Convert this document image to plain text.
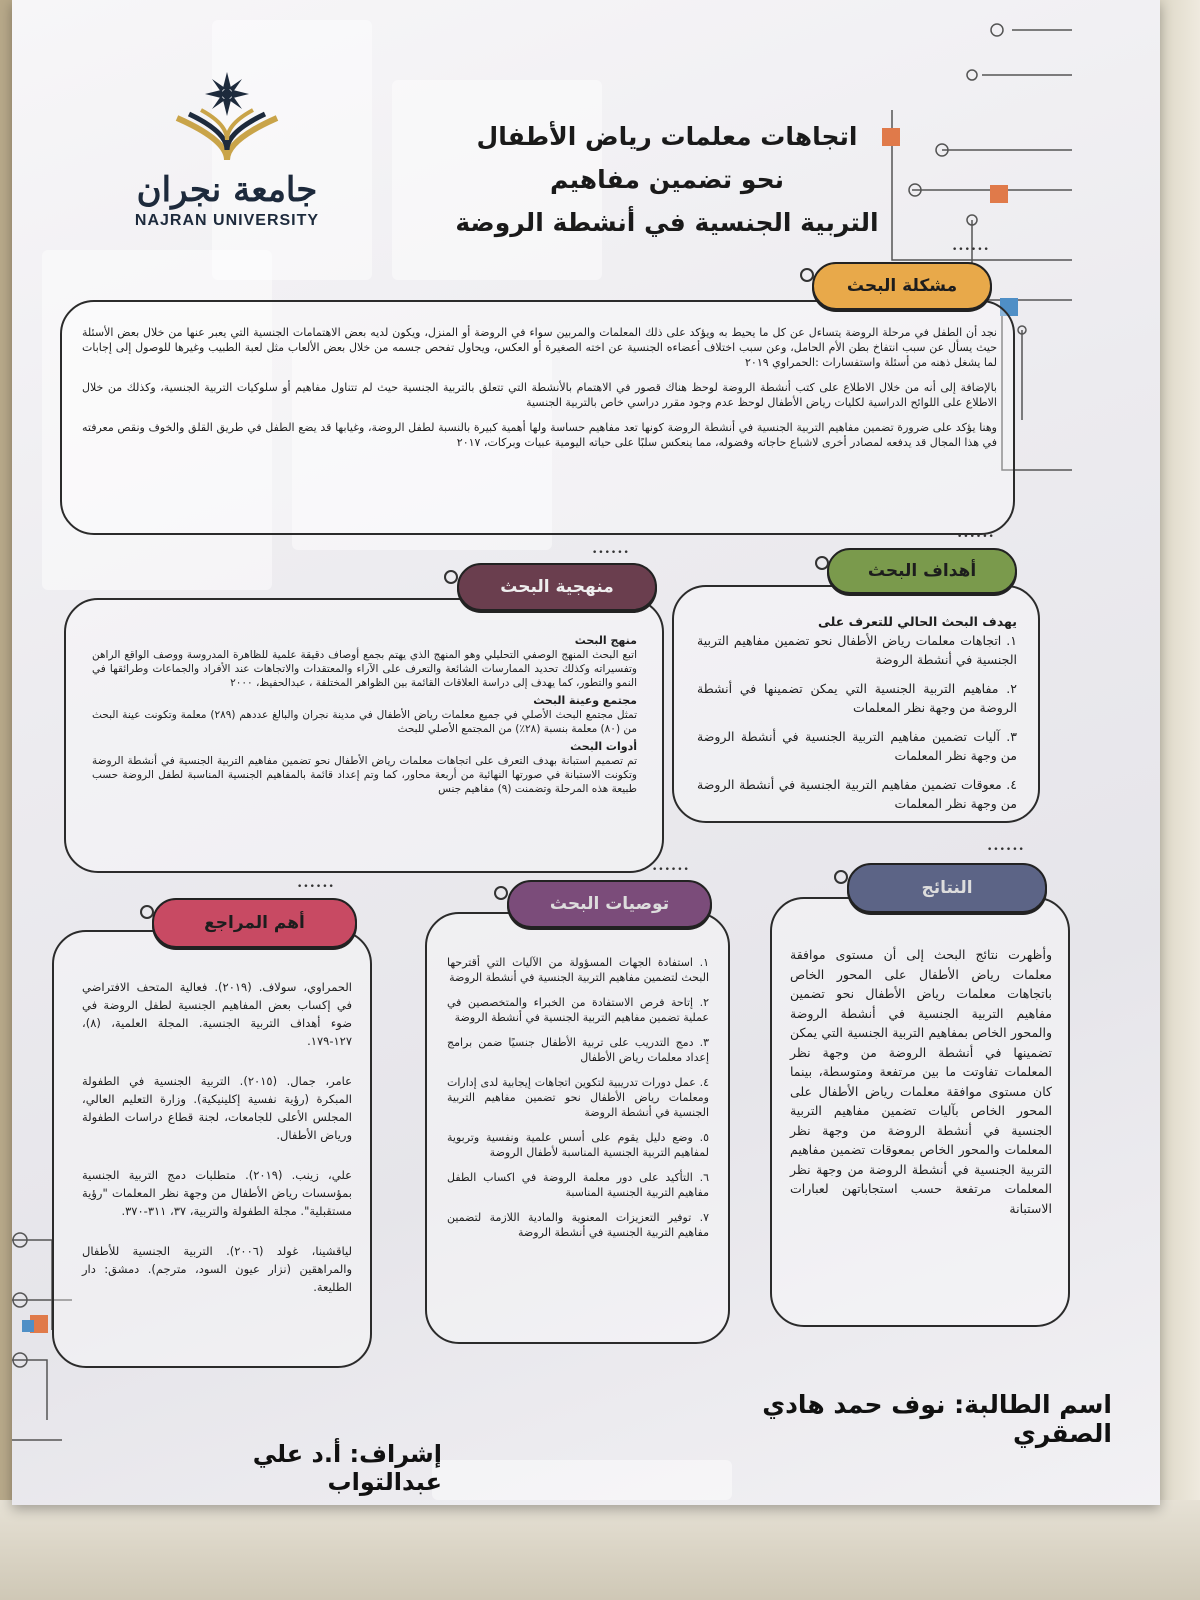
جامعة نجران
NAJRAN UNIVERSITY
اتجاهات معلمات رياض الأطفال
نحو تضمين مفاهيم
التربية الجنسية في أنشطة الروضة
مشكلة البحث
••••••

نجد أن الطفل في مرحلة الروضة يتساءل عن كل ما يحيط به ويؤكد على ذلك المعلمات والمربين سواء في الروضة أو المنزل، ويكون لديه بعض الاهتمامات الجنسية التي يعبر عنها من خلال بعض الأسئلة حيث يسأل عن سبب انتفاخ بطن الأم الحامل، وعن سبب اختلاف أعضاءه الجنسية عن اخته الصغيرة أو العكس، ويحاول تفحص جسمه من خلال بعض الألعاب مثل لعبة الطبيب وغيرها للوصول إلى إجابات لما يشغل ذهنه من أسئلة واستفسارات :الحمراوي ٢٠١٩

بالإضافة إلى أنه من خلال الاطلاع على كتب أنشطة الروضة لوحظ هناك قصور في الاهتمام بالأنشطة التي تتعلق بالتربية الجنسية حيث لم تتناول مفاهيم أو سلوكيات التربية الجنسية، وكذلك من خلال الاطلاع على اللوائح الدراسية لكليات رياض الأطفال لوحظ عدم وجود مقرر دراسي خاص بالتربية الجنسية

وهنا يؤكد على ضرورة تضمين مفاهيم التربية الجنسية في أنشطة الروضة كونها تعد مفاهيم حساسة ولها أهمية كبيرة بالنسبة لطفل الروضة، وغيابها قد يضع الطفل في طريق القلق والخوف ونقص معرفته في هذا المجال قد يدفعه لمصادر أخرى لاشباع حاجاته وفضوله، مما ينعكس سلبًا على حياته اليومية عبيات وبركات، ٢٠١٧

أهداف البحث
••••••
يهدف البحث الحالي للتعرف على

١. اتجاهات معلمات رياض الأطفال نحو تضمين مفاهيم التربية الجنسية في أنشطة الروضة

٢. مفاهيم التربية الجنسية التي يمكن تضمينها في أنشطة الروضة من وجهة نظر المعلمات

٣. آليات تضمين مفاهيم التربية الجنسية في أنشطة الروضة من وجهة نظر المعلمات

٤. معوقات تضمين مفاهيم التربية الجنسية في أنشطة الروضة من وجهة نظر المعلمات

منهجية البحث
••••••
منهج البحث
اتبع البحث المنهج الوصفي التحليلي وهو المنهج الذي يهتم بجمع أوصاف دقيقة علمية للظاهرة المدروسة ووصف الواقع الراهن وتفسيراته وكذلك تحديد الممارسات الشائعة والتعرف على الآراء والمعتقدات والاتجاهات عند الأفراد والجماعات وطرائقها في النمو والتطور، كما يهدف إلى دراسة العلاقات القائمة بين الظواهر المختلفة ، عبدالحفيظ، ٢٠٠٠
مجتمع وعينة البحث
تمثل مجتمع البحث الأصلي في جميع معلمات رياض الأطفال في مدينة نجران والبالغ عددهم (٢٨٩) معلمة وتكونت عينة البحث من (٨٠) معلمة بنسبة (٢٨٪) من المجتمع الأصلي للبحث
أدوات البحث
تم تصميم استبانة بهدف التعرف على اتجاهات معلمات رياض الأطفال نحو تضمين مفاهيم التربية الجنسية في أنشطة الروضة وتكونت الاستبانة في صورتها النهائية من أربعة محاور، كما وتم إعداد قائمة بالمفاهيم الجنسية المناسبة لطفل الروضة حسب طبيعة هذه المرحلة وتضمنت (٩) مفاهيم جنس
النتائج
••••••
وأظهرت نتائج البحث إلى أن مستوى موافقة معلمات رياض الأطفال على المحور الخاص باتجاهات معلمات رياض الأطفال نحو تضمين مفاهيم التربية الجنسية في أنشطة الروضة والمحور الخاص بمفاهيم التربية الجنسية التي يمكن تضمينها في أنشطة الروضة من وجهة نظر المعلمات تفاوتت ما بين مرتفعة ومتوسطة، بينما كان مستوى موافقة معلمات رياض الأطفال على المحور الخاص بآليات تضمين مفاهيم التربية الجنسية في أنشطة الروضة من وجهة نظر المعلمات والمحور الخاص بمعوقات تضمين مفاهيم التربية الجنسية في أنشطة الروضة من وجهة نظر المعلمات مرتفعة حسب استجاباتهن لعبارات الاستبانة
توصيات البحث
••••••

١. استفادة الجهات المسؤولة من الآليات التي أقترحها البحث لتضمين مفاهيم التربية الجنسية في أنشطة الروضة

٢. إتاحة فرص الاستفادة من الخبراء والمتخصصين في عملية تضمين مفاهيم التربية الجنسية في أنشطة الروضة

٣. دمج التدريب على تربية الأطفال جنسيًا ضمن برامج إعداد معلمات رياض الأطفال

٤. عمل دورات تدريبية لتكوين اتجاهات إيجابية لدى إدارات ومعلمات رياض الأطفال نحو تضمين مفاهيم التربية الجنسية في أنشطة الروضة

٥. وضع دليل يقوم على أسس علمية ونفسية وتربوية لمفاهيم التربية الجنسية المناسبة لأطفال الروضة

٦. التأكيد على دور معلمة الروضة في اكساب الطفل مفاهيم التربية الجنسية المناسبة

٧. توفير التعزيزات المعنوية والمادية اللازمة لتضمين مفاهيم التربية الجنسية في أنشطة الروضة

أهم المراجع
••••••

الحمراوي، سولاف. (٢٠١٩). فعالية المتحف الافتراضي في إكساب بعض المفاهيم الجنسية لطفل الروضة في ضوء أهداف التربية الجنسية. المجلة العلمية، (٨)، ١٢٧-١٧٩.

عامر، جمال. (٢٠١٥). التربية الجنسية في الطفولة المبكرة (رؤية نفسية إكلينيكية). وزارة التعليم العالي، المجلس الأعلى للجامعات، لجنة قطاع دراسات الطفولة ورياض الأطفال.

علي، زينب. (٢٠١٩). متطلبات دمج التربية الجنسية بمؤسسات رياض الأطفال من وجهة نظر المعلمات "رؤية مستقبلية". مجلة الطفولة والتربية، ٣٧، ٣١١-٣٧٠.

لياقشينا، غولد (٢٠٠٦). التربية الجنسية للأطفال والمراهقين (نزار عيون السود، مترجم). دمشق: دار الطليعة.

اسم الطالبة: نوف حمد هادي الصقري
إشراف: أ.د علي عبدالتواب
